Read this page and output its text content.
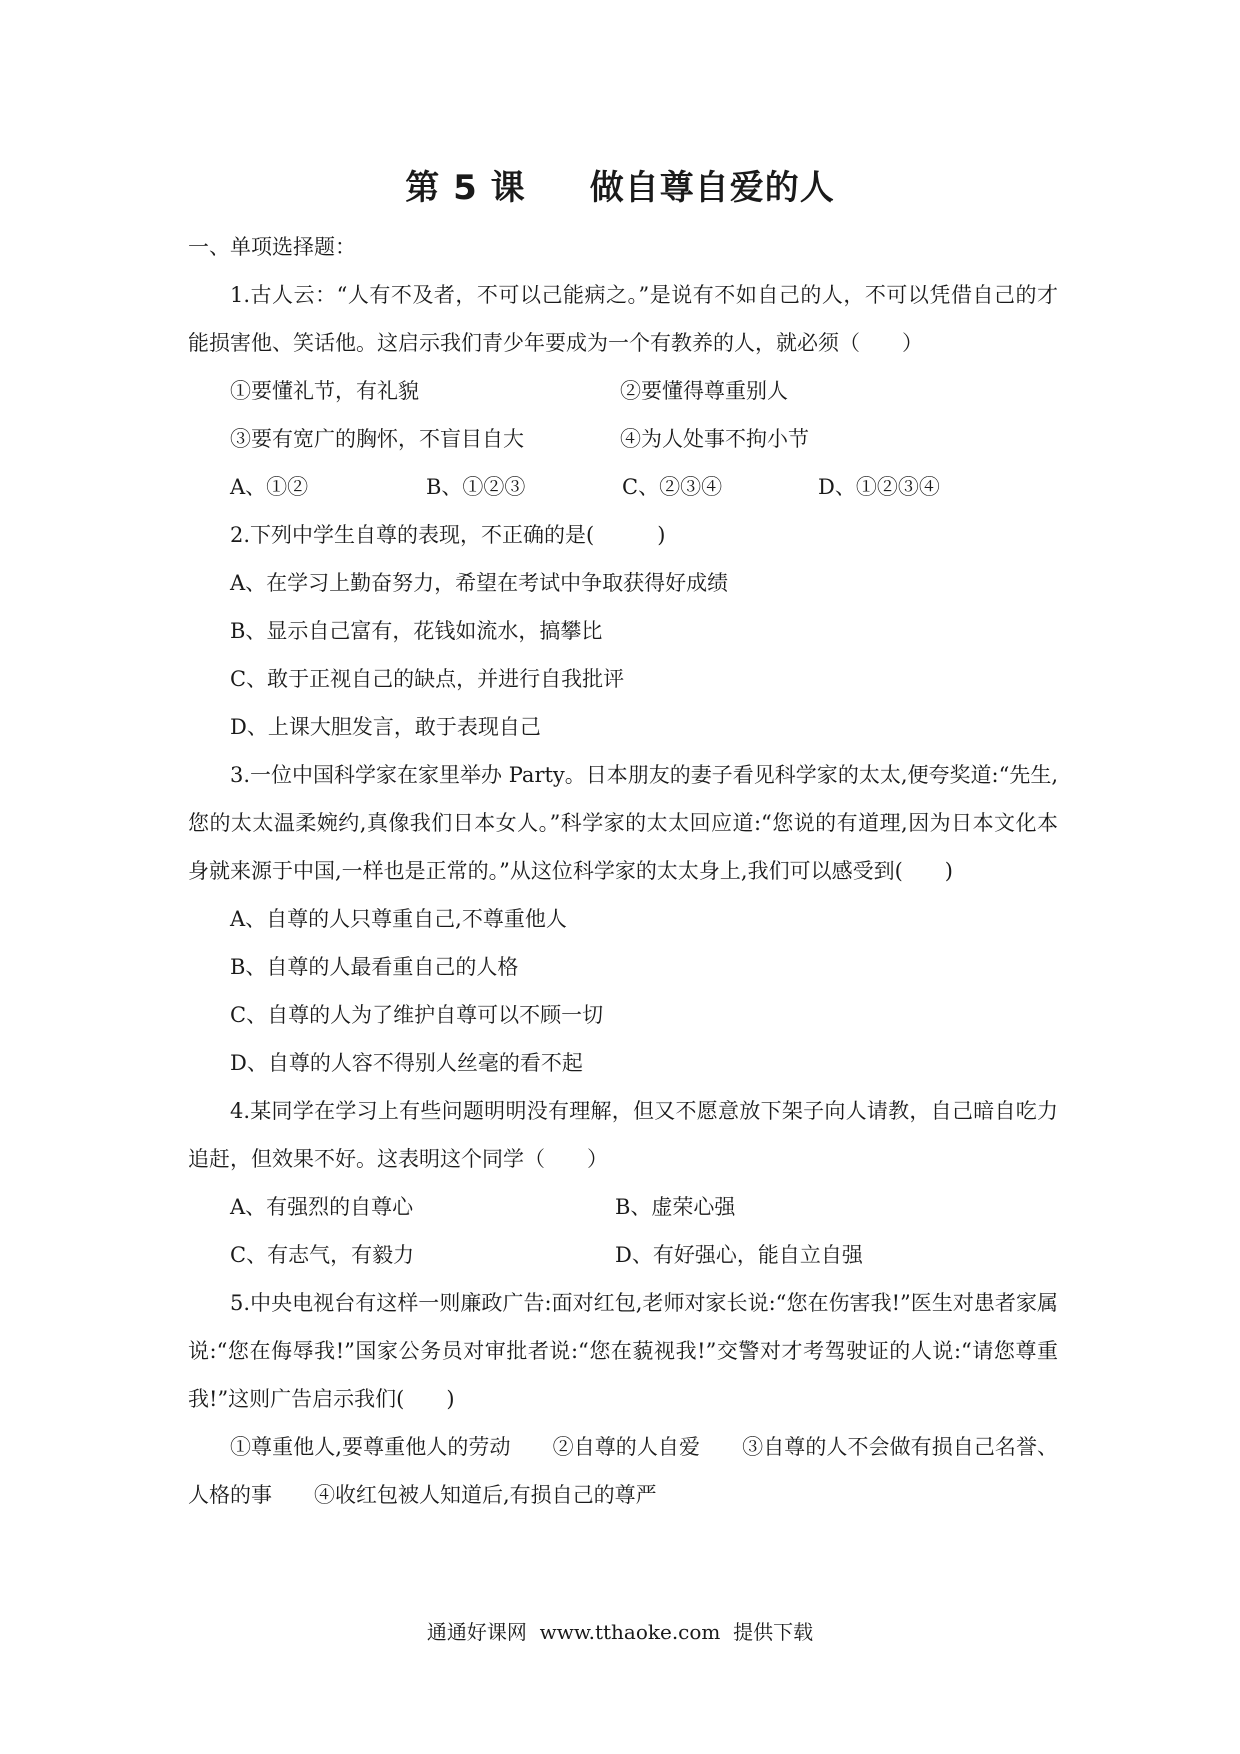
第 5 课     做自尊自爱的人
一、单项选择题：
1.古人云：“人有不及者，不可以己能病之。”是说有不如自己的人，不可以凭借自己的才能损害他、笑话他。这启示我们青少年要成为一个有教养的人，就必须（　　）
①要懂礼节，有礼貌	②要懂得尊重别人
③要有宽广的胸怀，不盲目自大	④为人处事不拘小节
A、①②	B、①②③	C、②③④	D、①②③④
2.下列中学生自尊的表现，不正确的是(　　　)
A、在学习上勤奋努力，希望在考试中争取获得好成绩
B、显示自己富有，花钱如流水，搞攀比
C、敢于正视自己的缺点，并进行自我批评
D、上课大胆发言，敢于表现自己
3.一位中国科学家在家里举办 Party。日本朋友的妻子看见科学家的太太,便夸奖道:“先生,您的太太温柔婉约,真像我们日本女人。”科学家的太太回应道:“您说的有道理,因为日本文化本身就来源于中国,一样也是正常的。”从这位科学家的太太身上,我们可以感受到(　　)
A、自尊的人只尊重自己,不尊重他人
B、自尊的人最看重自己的人格
C、自尊的人为了维护自尊可以不顾一切
D、自尊的人容不得别人丝毫的看不起
4.某同学在学习上有些问题明明没有理解，但又不愿意放下架子向人请教，自己暗自吃力追赶，但效果不好。这表明这个同学（　　）
A、有强烈的自尊心	B、虚荣心强
C、有志气，有毅力	D、有好强心，能自立自强
5.中央电视台有这样一则廉政广告:面对红包,老师对家长说:“您在伤害我!”医生对患者家属说:“您在侮辱我!”国家公务员对审批者说:“您在藐视我!”交警对才考驾驶证的人说:“请您尊重我!”这则广告启示我们(　　)
①尊重他人,要尊重他人的劳动　　②自尊的人自爱　　③自尊的人不会做有损自己名誉、人格的事　　④收红包被人知道后,有损自己的尊严
通通好课网  www.tthaoke.com  提供下载
